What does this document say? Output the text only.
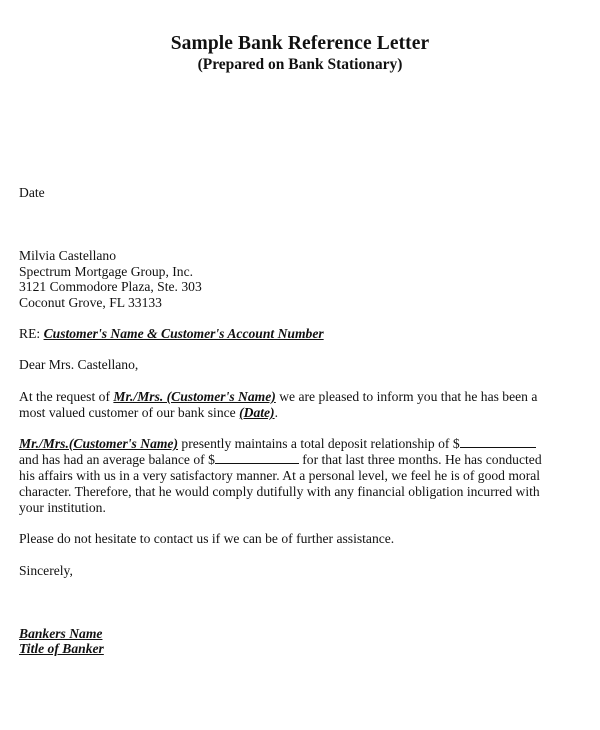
Sample Bank Reference Letter
(Prepared on Bank Stationary)
Date
Milvia Castellano
Spectrum Mortgage Group, Inc.
3121 Commodore Plaza, Ste. 303
Coconut Grove, FL 33133
RE: Customer's Name & Customer's Account Number
Dear Mrs. Castellano,
At the request of Mr./Mrs. (Customer's Name) we are pleased to inform you that he has been a
most valued customer of our bank since (Date).
Mr./Mrs.(Customer's Name) presently maintains a total deposit relationship of $
and has had an average balance of $	for that last three months. He has conducted
his affairs with us in a very satisfactory manner. At a personal level, we feel he is of good moral
character. Therefore, that he would comply dutifully with any financial obligation incurred with
your institution.
Please do not hesitate to contact us if we can be of further assistance.
Sincerely,
Bankers Name
Title of Banker
